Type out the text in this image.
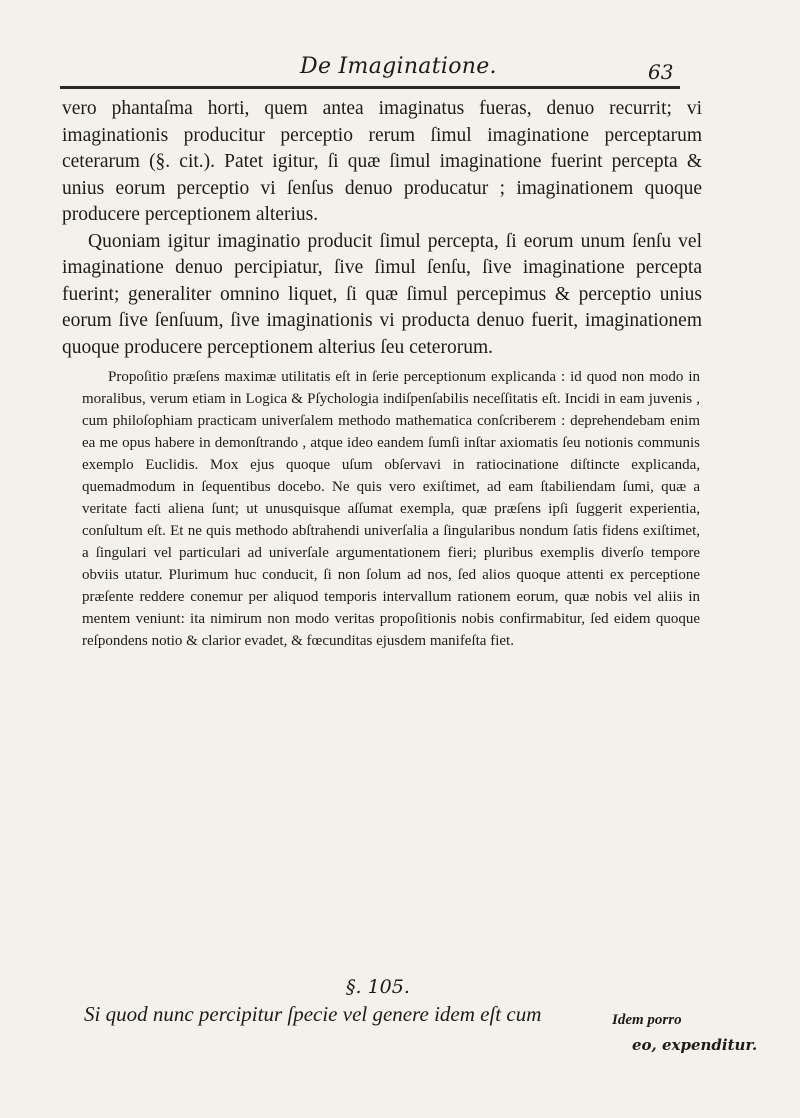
De Imaginatione.	63

vero phantaſma horti, quem antea imaginatus fueras, denuo recurrit; vi imaginationis producitur perceptio rerum ſimul imaginatione perceptarum ceterarum (§. cit.). Patet igitur, ſi quæ ſimul imaginatione fuerint percepta & unius eorum perceptio vi ſenſus denuo producatur ; imaginationem quoque producere perceptionem alterius.

Quoniam igitur imaginatio producit ſimul percepta, ſi eorum unum ſenſu vel imaginatione denuo percipiatur, ſive ſimul ſenſu, ſive imaginatione percepta fuerint; generaliter omnino liquet, ſi quæ ſimul percepimus & perceptio unius eorum ſive ſenſuum, ſive imaginationis vi producta denuo fuerit, imaginationem quoque producere perceptionem alterius ſeu ceterorum.

Propoſitio præſens maximæ utilitatis eſt in ſerie perceptionum explicanda : id quod non modo in moralibus, verum etiam in Logica & Pſychologia indiſpenſabilis neceſſitatis eſt. Incidi in eam juvenis , cum philoſophiam practicam univerſalem methodo mathematica conſcriberem : deprehendebam enim ea me opus habere in demonſtrando , atque ideo eandem ſumſi inſtar axiomatis ſeu notionis communis exemplo Euclidis. Mox ejus quoque uſum obſervavi in ratiocinatione diſtincte explicanda, quemadmodum in ſequentibus docebo. Ne quis vero exiſtimet, ad eam ſtabiliendam ſumi, quæ a veritate facti aliena ſunt; ut unusquisque aſſumat exempla, quæ præſens ipſi ſuggerit experientia, conſultum eſt. Et ne quis methodo abſtrahendi univerſalia a ſingularibus nondum ſatis fidens exiſtimet, a ſingulari vel particulari ad univerſale argumentationem fieri; pluribus exemplis diverſo tempore obviis utatur. Plurimum huc conducit, ſi non ſolum ad nos, ſed alios quoque attenti ex perceptione præſente reddere conemur per aliquod temporis intervallum rationem eorum, quæ nobis vel aliis in mentem veniunt: ita nimirum non modo veritas propoſitionis nobis confirmabitur, ſed eidem quoque reſpondens notio & clarior evadet, & fœcunditas ejusdem manifeſta fiet.

§. 105.
Si quod nunc percipitur ſpecie vel genere idem eſt cum	Idem porro
eo, expenditur.
